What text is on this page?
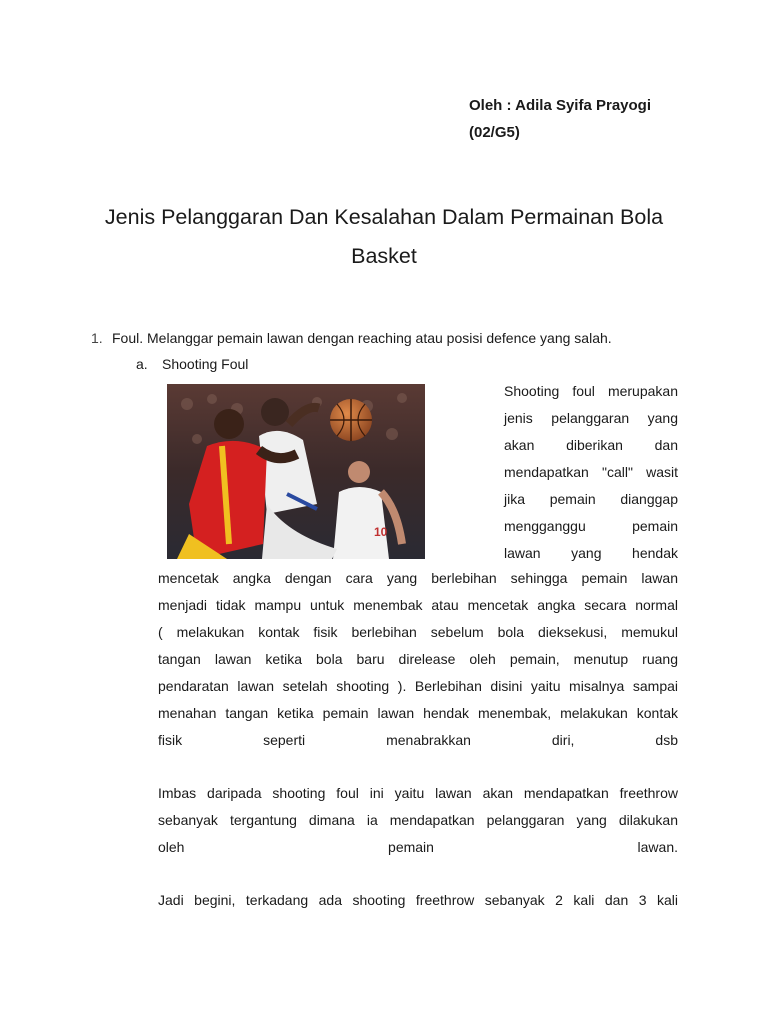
Oleh : Adila Syifa Prayogi
(02/G5)
Jenis Pelanggaran Dan Kesalahan Dalam Permainan Bola
Basket
1. Foul. Melanggar pemain lawan dengan reaching atau posisi defence yang salah.
a. Shooting Foul
10
Shooting foul merupakan
jenis pelanggaran yang
akan diberikan dan
mendapatkan "call" wasit
jika pemain dianggap
mengganggu pemain
lawan yang hendak
mencetak angka dengan cara yang berlebihan sehingga pemain lawan
menjadi tidak mampu untuk menembak atau mencetak angka secara normal
( melakukan kontak fisik berlebihan sebelum bola dieksekusi, memukul
tangan lawan ketika bola baru direlease oleh pemain, menutup ruang
pendaratan lawan setelah shooting ). Berlebihan disini yaitu misalnya sampai
menahan tangan ketika pemain lawan hendak menembak, melakukan kontak
fisik seperti menabrakkan diri, dsb
Imbas daripada shooting foul ini yaitu lawan akan mendapatkan freethrow
sebanyak tergantung dimana ia mendapatkan pelanggaran yang dilakukan
oleh pemain lawan.
Jadi begini, terkadang ada shooting freethrow sebanyak 2 kali dan 3 kali
